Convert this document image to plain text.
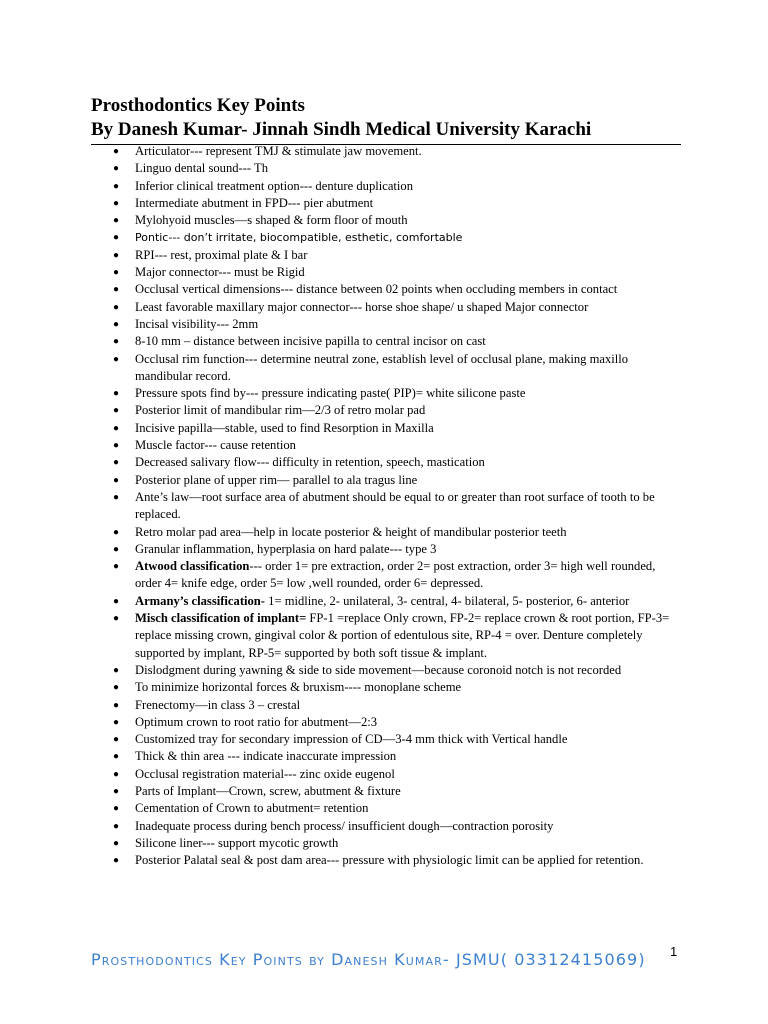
Prosthodontics Key Points
By Danesh Kumar- Jinnah Sindh Medical University Karachi
● Articulator--- represent TMJ & stimulate jaw movement.
● Linguo dental sound--- Th
● Inferior clinical treatment option--- denture duplication
● Intermediate abutment in FPD--- pier abutment
● Mylohyoid muscles—s shaped & form floor of mouth
● Pontic--- don’t irritate, biocompatible, esthetic, comfortable
● RPI--- rest, proximal plate & I bar
● Major connector--- must be Rigid
● Occlusal vertical dimensions--- distance between 02 points when occluding members in contact
● Least favorable maxillary major connector--- horse shoe shape/ u shaped Major connector
● Incisal visibility--- 2mm
● 8-10 mm – distance between incisive papilla to central incisor on cast
● Occlusal rim function--- determine neutral zone, establish level of occlusal plane, making maxillo mandibular record.
● Pressure spots find by--- pressure indicating paste( PIP)= white silicone paste
● Posterior limit of mandibular rim—2/3 of retro molar pad
● Incisive papilla—stable, used to find Resorption in Maxilla
● Muscle factor--- cause retention
● Decreased salivary flow--- difficulty in retention, speech, mastication
● Posterior plane of upper rim— parallel to ala tragus line
● Ante’s law—root surface area of abutment should be equal to or greater than root surface of tooth to be replaced.
● Retro molar pad area—help in locate posterior & height of mandibular posterior teeth
● Granular inflammation, hyperplasia on hard palate--- type 3
● Atwood classification--- order 1= pre extraction, order 2= post extraction, order 3= high well rounded, order 4= knife edge, order 5= low ,well rounded, order 6= depressed.
● Armany’s classification- 1= midline, 2- unilateral, 3- central, 4- bilateral, 5- posterior, 6- anterior
● Misch classification of implant= FP-1 =replace Only crown, FP-2= replace crown & root portion, FP-3= replace missing crown, gingival color & portion of edentulous site, RP-4 = over. Denture completely supported by implant, RP-5= supported by both soft tissue & implant.
● Dislodgment during yawning & side to side movement—because coronoid notch is not recorded
● To minimize horizontal forces & bruxism---- monoplane scheme
● Frenectomy—in class 3 – crestal
● Optimum crown to root ratio for abutment—2:3
● Customized tray for secondary impression of CD—3-4 mm thick with Vertical handle
● Thick & thin area --- indicate inaccurate impression
● Occlusal registration material--- zinc oxide eugenol
● Parts of Implant—Crown, screw, abutment & fixture
● Cementation of Crown to abutment= retention
● Inadequate process during bench process/ insufficient dough—contraction porosity
● Silicone liner--- support mycotic growth
● Posterior Palatal seal & post dam area--- pressure with physiologic limit can be applied for retention.
Prosthodontics Key Points by Danesh Kumar- JSMU( 03312415069) 1
